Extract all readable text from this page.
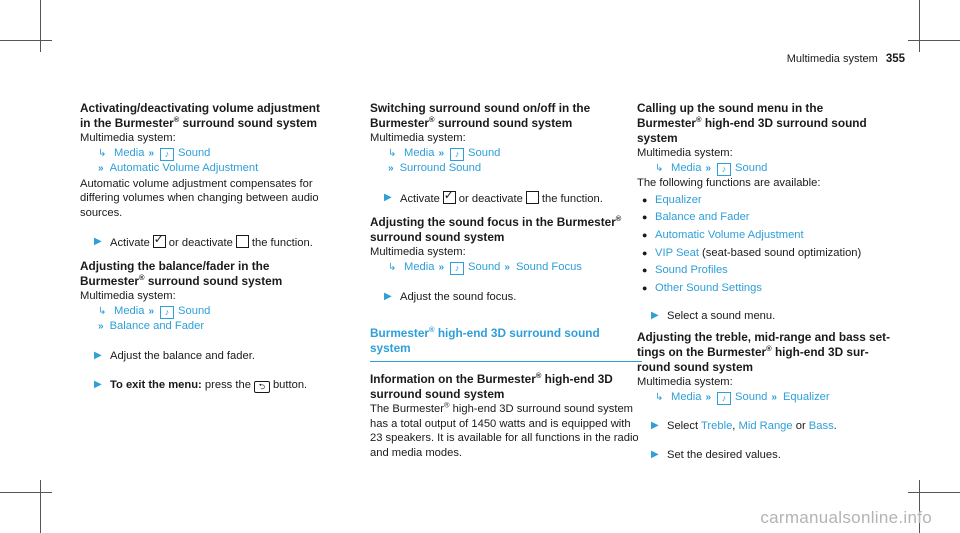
Multimedia system 355

Activating/deactivating volume adjustment
in the Burmester® surround sound system

Multimedia system:

↳ Media » ♪ Sound

» Automatic Volume Adjustment

Automatic volume adjustment compensates for differing volumes when changing between audio sources.

▶ Activate ✓ or deactivate the function.

Adjusting the balance/fader in the
Burmester® surround sound system

Multimedia system:

↳ Media » ♪ Sound

» Balance and Fader

▶ Adjust the balance and fader.

▶ To exit the menu: press the ⮌ button.

Switching surround sound on/off in the
Burmester® surround sound system

Multimedia system:

↳ Media » ♪ Sound

» Surround Sound

▶ Activate ✓ or deactivate the function.

Adjusting the sound focus in the Burmester®
surround sound system

Multimedia system:

↳ Media » ♪ Sound » Sound Focus

▶ Adjust the sound focus.

Burmester® high-end 3D surround sound
system

Information on the Burmester® high-end 3D
surround sound system

The Burmester® high-end 3D surround sound system has a total output of 1450 watts and is equipped with 23 speakers. It is available for all functions in the radio and media modes.

Calling up the sound menu in the
Burmester® high-end 3D surround sound
system

Multimedia system:

↳ Media » ♪ Sound

The following functions are available:

● Equalizer

● Balance and Fader

● Automatic Volume Adjustment

● VIP Seat (seat-based sound optimization)

● Sound Profiles

● Other Sound Settings

▶ Select a sound menu.

Adjusting the treble, mid-range and bass set-
tings on the Burmester® high-end 3D sur-
round sound system

Multimedia system:

↳ Media » ♪ Sound » Equalizer

▶ Select Treble, Mid Range or Bass.

▶ Set the desired values.

carmanualsonline.info
